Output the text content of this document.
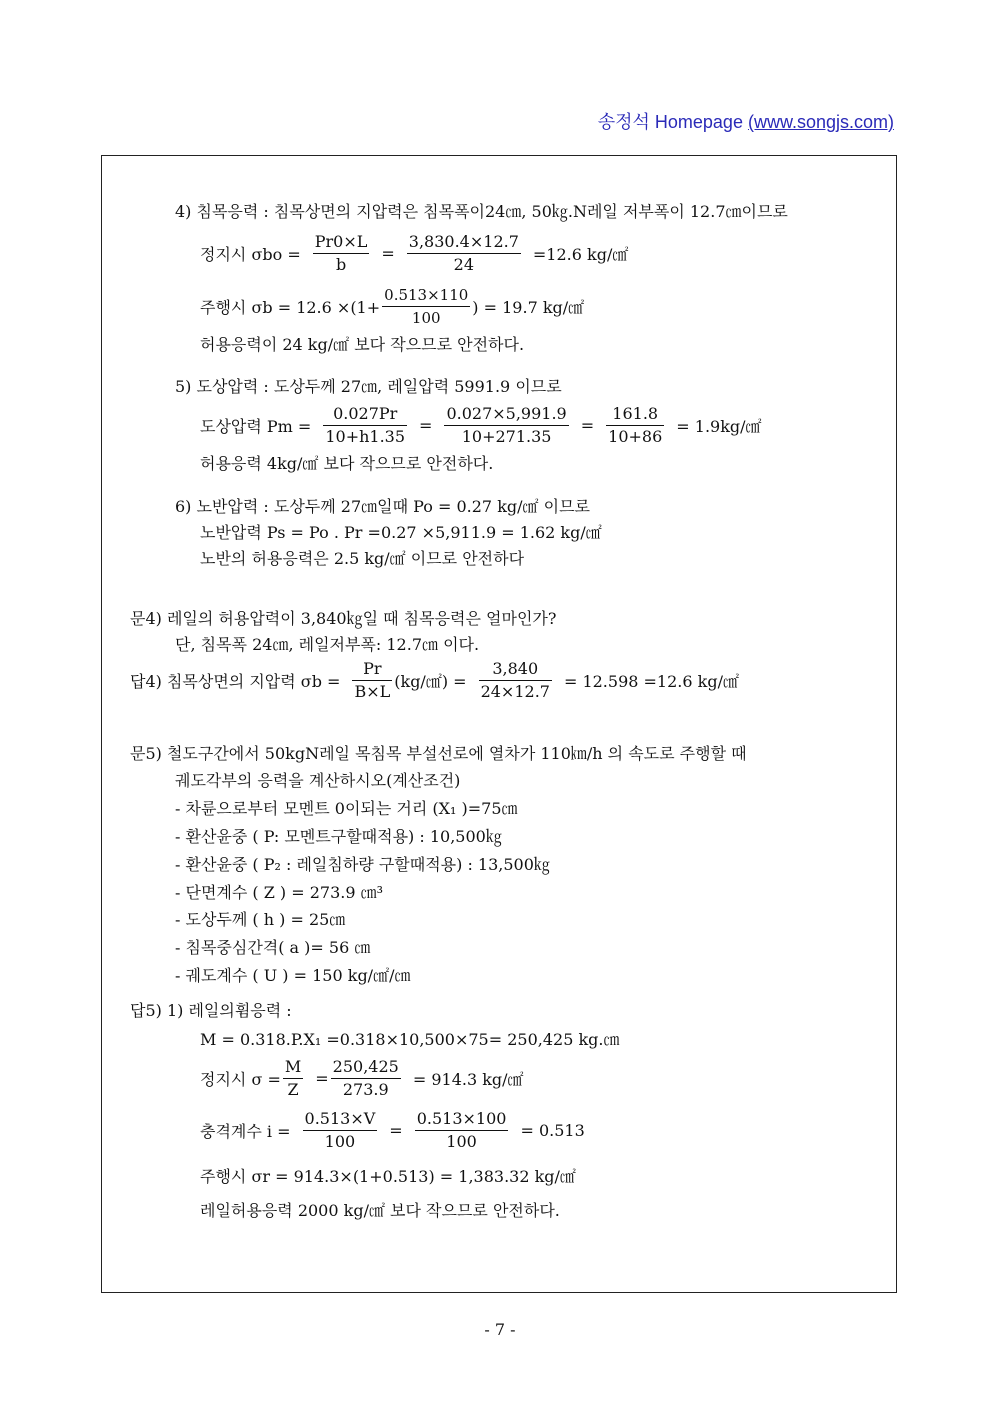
송정석 Homepage (www.songjs.com)
4) 침목응력 : 침목상면의 지압력은 침목폭이24㎝, 50㎏.N레일 저부폭이 12.7㎝이므로
정지시 σbo =
Pr0×L
b
=
3,830.4×12.7
24
=12.6 kg/㎠
주행시 $\sigma b = 12.6 \times(1+ \frac{0.513\times 110}{100}$ ) = 19.7 kg/㎠
허용응력이 24 kg/㎠ 보다 작으므로 안전하다.
5) 도상압력 : 도상두께 27㎝, 레일압력 5991.9 이므로
도상압력 Pm =
0.027Pr
10+h1.35
=
0.027×5,991.9
10+271.35
=
161.8
10+86
= 1.9kg/㎠
허용응력 4kg/㎠ 보다 작으므로 안전하다.
6) 노반압력 : 도상두께 27㎝일때 Po = 0.27 kg/㎠ 이므로
노반압력 Ps = Po . Pr =0.27 ×5,911.9 = 1.62 kg/㎠
노반의 허용응력은 2.5 kg/㎠ 이므로 안전하다
문4) 레일의 허용압력이 3,840㎏일 때 침목응력은 얼마인가?
단, 침목폭 24㎝, 레일저부폭: 12.7㎝ 이다.
답4) 침목상면의 지압력 σb =
Pr
B×L
(kg/㎠) =
3,840
24×12.7
= 12.598 =12.6 kg/㎠
문5) 철도구간에서 50kgN레일 목침목 부설선로에 열차가 110㎞/h 의 속도로 주행할 때
궤도각부의 응력을 계산하시오(계산조건)
- 차륜으로부터 모멘트 0이되는 거리 (X₁ )=75㎝
- 환산윤중 ( P: 모멘트구할때적용) : 10,500㎏
- 환산윤중 ( P₂ : 레일침하량 구할때적용) : 13,500㎏
- 단면계수 ( Z ) = 273.9 ㎝³
- 도상두께 ( h ) = 25㎝
- 침목중심간격( a )= 56 ㎝
- 궤도계수 ( U ) = 150 kg/㎠/㎝
답5) 1) 레일의휨응력 :
M = 0.318.P.X₁ =0.318×10,500×75= 250,425 kg.㎝
정지시 $\sigma = \frac{M}{Z} = \frac{250,425}{273.9} = 914.3$ kg/㎠
충격계수 i =
0.513×V
100
=
0.513×100
100
= 0.513
주행시 σr = 914.3×(1+0.513) = 1,383.32 kg/㎠
레일허용응력 2000 kg/㎠ 보다 작으므로 안전하다.
- 7 -
